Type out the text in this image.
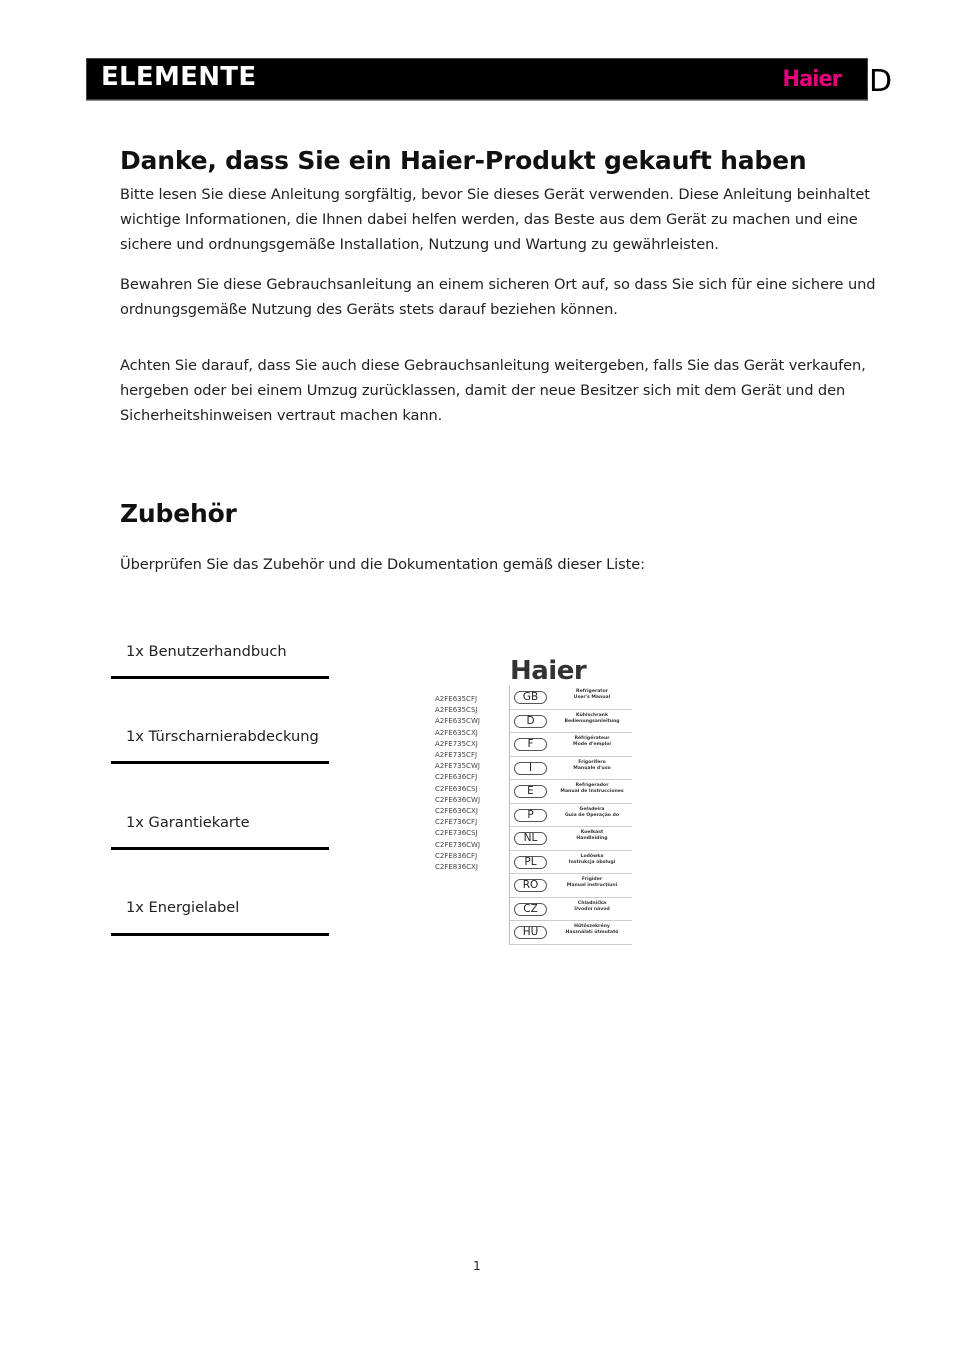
ELEMENTE	Haier D
Danke, dass Sie ein Haier-Produkt gekauft haben
Bitte lesen Sie diese Anleitung sorgfältig, bevor Sie dieses Gerät verwenden. Diese Anleitung beinhaltet
wichtige Informationen, die Ihnen dabei helfen werden, das Beste aus dem Gerät zu machen und eine
sichere und ordnungsgemäße Installation, Nutzung und Wartung zu gewährleisten.
Bewahren Sie diese Gebrauchsanleitung an einem sicheren Ort auf, so dass Sie sich für eine sichere und
ordnungsgemäße Nutzung des Geräts stets darauf beziehen können.
Achten Sie darauf, dass Sie auch diese Gebrauchsanleitung weitergeben, falls Sie das Gerät verkaufen,
hergeben oder bei einem Umzug zurücklassen, damit der neue Besitzer sich mit dem Gerät und den
Sicherheitshinweisen vertraut machen kann.
Zubehör
Überprüfen Sie das Zubehör und die Dokumentation gemäß dieser Liste:
1x Benutzerhandbuch
1x Türscharnierabdeckung
1x Garantiekarte
1x Energielabel
Haier
A2FE635CFJ
A2FE635CSJ
A2FE635CWJ
A2FE635CXJ
A2FE735CXJ
A2FE735CFJ
A2FE735CWJ
C2FE636CFJ
C2FE636CSJ
C2FE636CWJ
C2FE636CXJ
C2FE736CFJ
C2FE736CSJ
C2FE736CWJ
C2FE836CFJ
C2FE836CXJ
GB	Refrigerator
User's Manual
D	Kühlschrank
Bedienungsanleitung
F	Réfrigérateur
Mode d'emploi
I	Frigorifero
Manuale d'uso
E	Refrigerador
Manual de Instrucciones
P	Geladeira
Guia de Operação do
NL	Koelkast
Handleiding
PL	Lodówka
Instrukcja obsługi
RO	Frigider
Manual instrucțiuni
CZ	Chladnička
Uvodní návod
HU	Hűtőszekrény
Használati útmutató
1
